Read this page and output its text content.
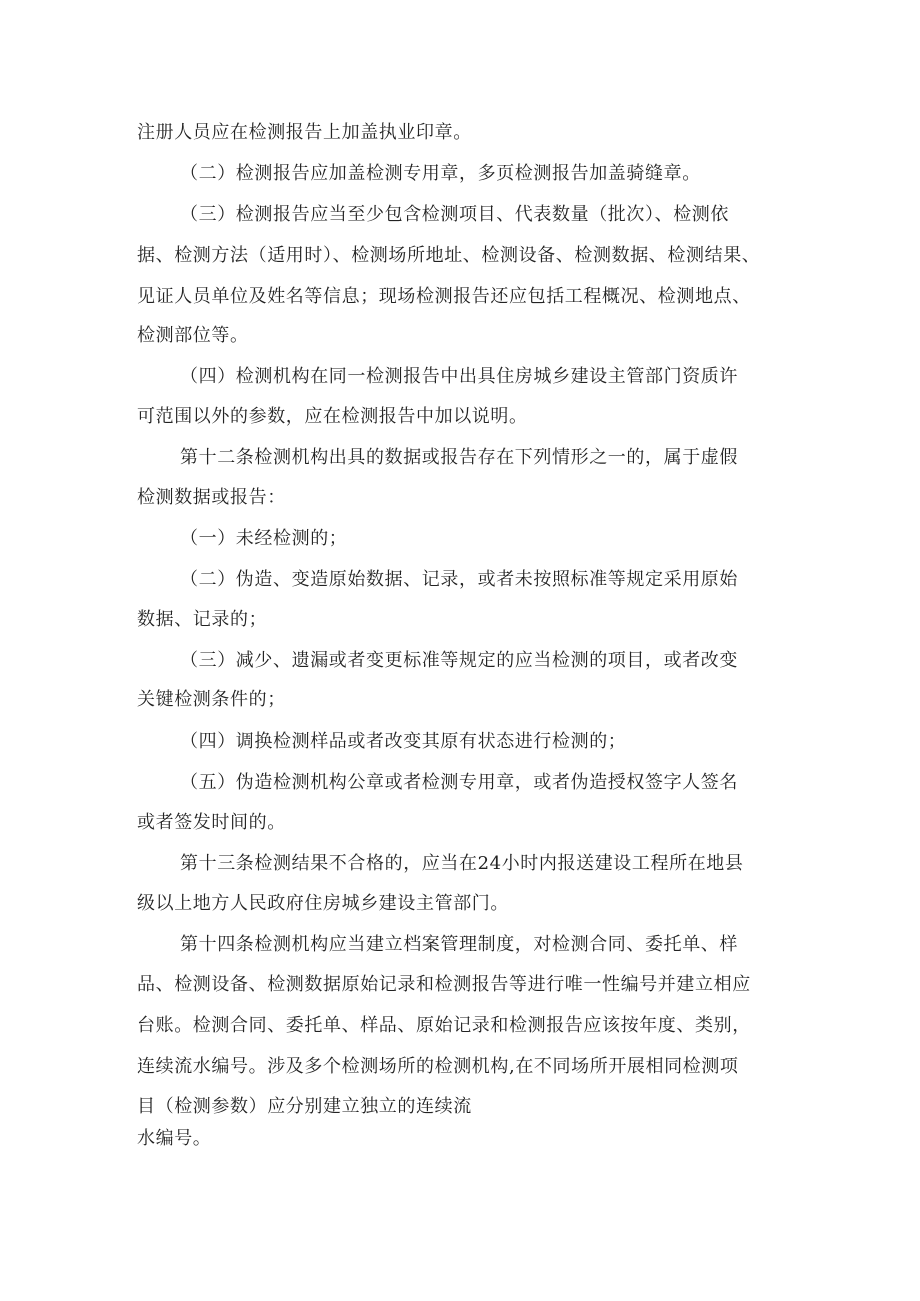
注册人员应在检测报告上加盖执业印章。
（二）检测报告应加盖检测专用章，多页检测报告加盖骑缝章。
（三）检测报告应当至少包含检测项目、代表数量（批次）、检测依
据、检测方法（适用时）、检测场所地址、检测设备、检测数据、检测结果、
见证人员单位及姓名等信息；现场检测报告还应包括工程概况、检测地点、
检测部位等。
（四）检测机构在同一检测报告中出具住房城乡建设主管部门资质许
可范围以外的参数，应在检测报告中加以说明。
第十二条检测机构出具的数据或报告存在下列情形之一的，属于虚假
检测数据或报告：
（一）未经检测的；
（二）伪造、变造原始数据、记录，或者未按照标准等规定采用原始
数据、记录的；
（三）减少、遗漏或者变更标准等规定的应当检测的项目，或者改变
关键检测条件的；
（四）调换检测样品或者改变其原有状态进行检测的；
（五）伪造检测机构公章或者检测专用章，或者伪造授权签字人签名
或者签发时间的。
第十三条检测结果不合格的，应当在24小时内报送建设工程所在地县
级以上地方人民政府住房城乡建设主管部门。
第十四条检测机构应当建立档案管理制度，对检测合同、委托单、样
品、检测设备、检测数据原始记录和检测报告等进行唯一性编号并建立相应
台账。检测合同、委托单、样品、原始记录和检测报告应该按年度、类别，
连续流水编号。涉及多个检测场所的检测机构,在不同场所开展相同检测项
目（检测参数）应分别建立独立的连续流
水编号。
